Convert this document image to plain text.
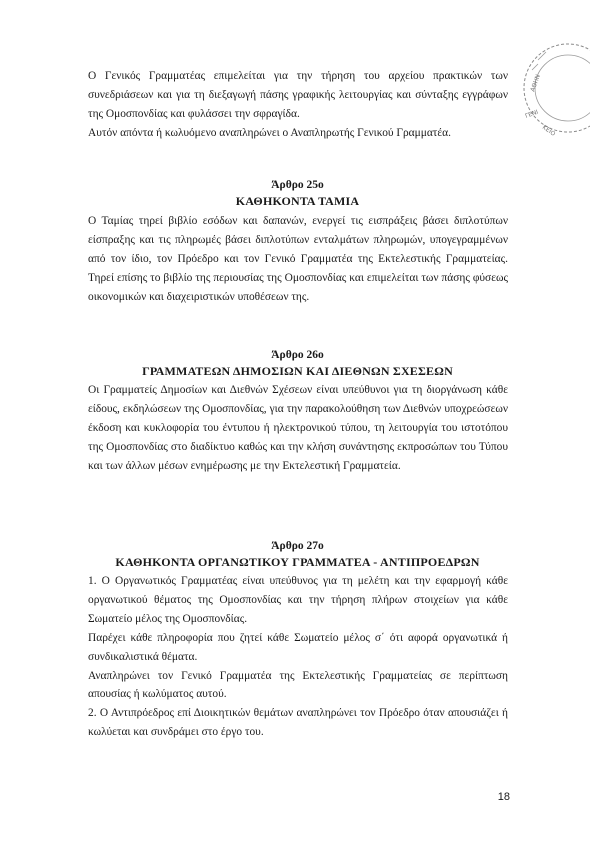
ΑΘΗΝ
ΚΕΙΟ
ΓΕΝΙ

Ο Γενικός Γραμματέας επιμελείται για την τήρηση του αρχείου πρακτικών των συνεδριάσεων και για τη διεξαγωγή πάσης γραφικής λειτουργίας και σύνταξης εγγράφων της Ομοσπονδίας και φυλάσσει την σφραγίδα.

Αυτόν απόντα ή κωλυόμενο αναπληρώνει ο Αναπληρωτής Γενικού Γραμματέα.

Άρθρο 25ο
ΚΑΘΗΚΟΝΤΑ ΤΑΜΙΑ

Ο Ταμίας τηρεί βιβλίο εσόδων και δαπανών, ενεργεί τις εισπράξεις βάσει διπλοτύπων είσπραξης και τις πληρωμές βάσει διπλοτύπων ενταλμάτων πληρωμών, υπογεγραμμένων από τον ίδιο, τον Πρόεδρο και τον Γενικό Γραμματέα της Εκτελεστικής Γραμματείας. Τηρεί επίσης το βιβλίο της περιουσίας της Ομοσπονδίας και επιμελείται των πάσης φύσεως οικονομικών και διαχειριστικών υποθέσεων της.

Άρθρο 26ο
ΓΡΑΜΜΑΤΕΩΝ ΔΗΜΟΣΙΩΝ ΚΑΙ ΔΙΕΘΝΩΝ ΣΧΕΣΕΩΝ

Οι Γραμματείς Δημοσίων και Διεθνών Σχέσεων είναι υπεύθυνοι για τη διοργάνωση κάθε είδους, εκδηλώσεων της Ομοσπονδίας, για την παρακολούθηση των Διεθνών υποχρεώσεων έκδοση και κυκλοφορία του έντυπου ή ηλεκτρονικού τύπου, τη λειτουργία του ιστοτόπου της Ομοσπονδίας στο διαδίκτυο καθώς και την κλήση συνάντησης εκπροσώπων του Τύπου και των άλλων μέσων ενημέρωσης με την Εκτελεστική Γραμματεία.

Άρθρο 27ο
ΚΑΘΗΚΟΝΤΑ ΟΡΓΑΝΩΤΙΚΟΥ ΓΡΑΜΜΑΤΕΑ - ΑΝΤΙΠΡΟΕΔΡΩΝ

1. Ο Οργανωτικός Γραμματέας είναι υπεύθυνος για τη μελέτη και την εφαρμογή κάθε οργανωτικού θέματος της Ομοσπονδίας και την τήρηση πλήρων στοιχείων για κάθε Σωματείο μέλος της Ομοσπονδίας.

Παρέχει κάθε πληροφορία που ζητεί κάθε Σωματείο μέλος σ΄ ότι αφορά οργανωτικά ή συνδικαλιστικά θέματα.

Αναπληρώνει τον Γενικό Γραμματέα της Εκτελεστικής Γραμματείας σε περίπτωση απουσίας ή κωλύματος αυτού.

2. Ο Αντιπρόεδρος επί Διοικητικών θεμάτων αναπληρώνει τον Πρόεδρο όταν απουσιάζει ή κωλύεται και συνδράμει στο έργο του.

18
